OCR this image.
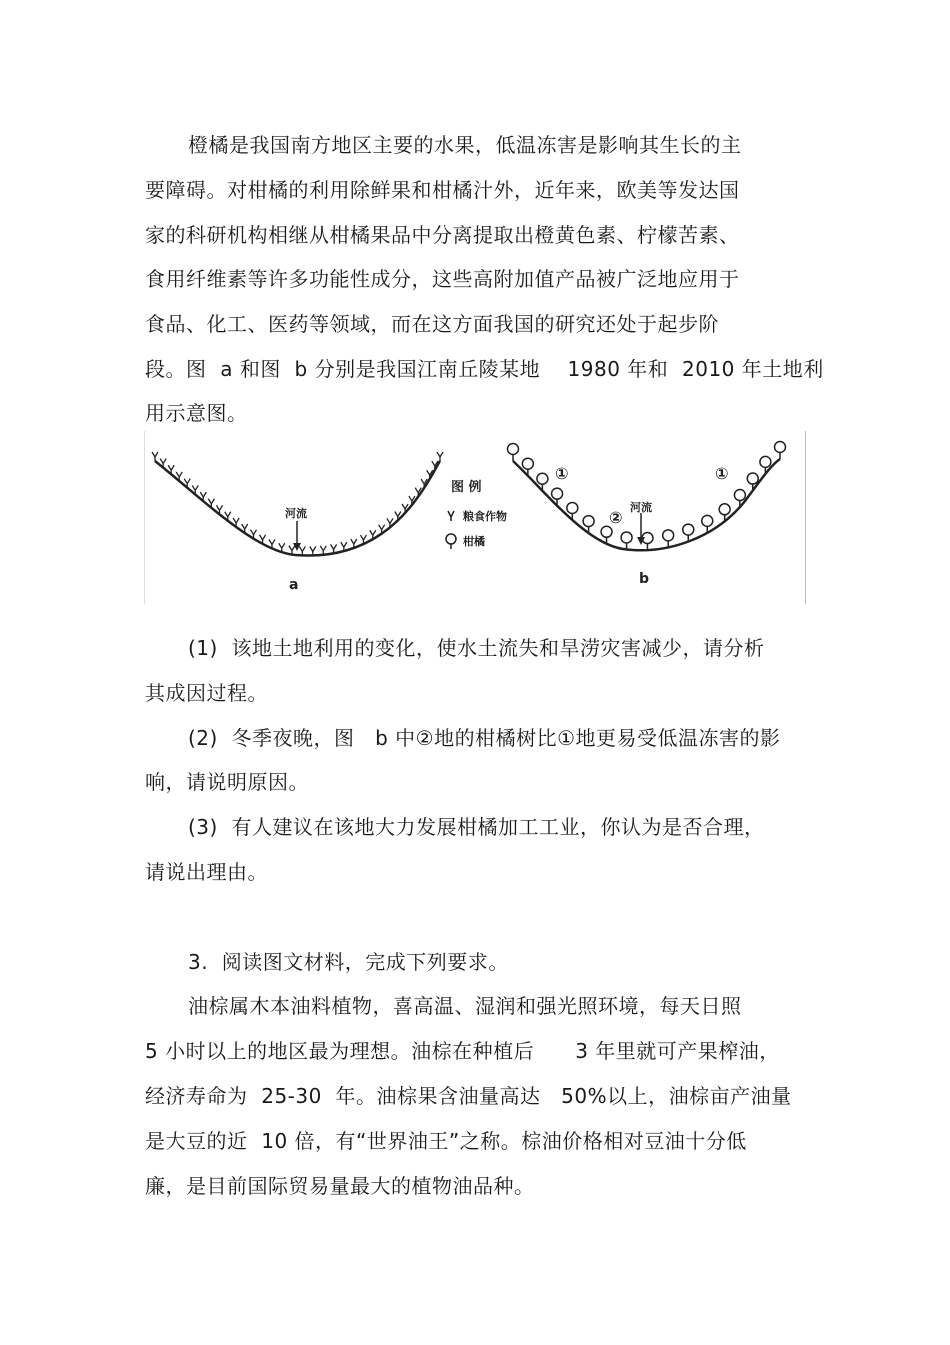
橙橘是我国南方地区主要的水果，低温冻害是影响其生长的主

要障碍。对柑橘的利用除鲜果和柑橘汁外，近年来，欧美等发达国

家的科研机构相继从柑橘果品中分离提取出橙黄色素、柠檬苦素、

食用纤维素等许多功能性成分，这些高附加值产品被广泛地应用于

食品、化工、医药等领域，而在这方面我国的研究还处于起步阶

段。图  a 和图  b 分别是我国江南丘陵某地    1980 年和  2010 年土地利

用示意图。

河流
a
图 例
粮食作物
柑橘
河流
b
①	①
②

(1)  该地土地利用的变化，使水土流失和旱涝灾害减少，请分析

其成因过程。

(2)  冬季夜晚，图   b 中②地的柑橘树比①地更易受低温冻害的影

响，请说明原因。

(3)  有人建议在该地大力发展柑橘加工工业，你认为是否合理，

请说出理由。

3.  阅读图文材料，完成下列要求。

油棕属木本油料植物，喜高温、湿润和强光照环境，每天日照

5 小时以上的地区最为理想。油棕在种植后      3 年里就可产果榨油，

经济寿命为  25-30  年。油棕果含油量高达   50%以上，油棕亩产油量

是大豆的近  10 倍，有“世界油王”之称。棕油价格相对豆油十分低

廉，是目前国际贸易量最大的植物油品种。
